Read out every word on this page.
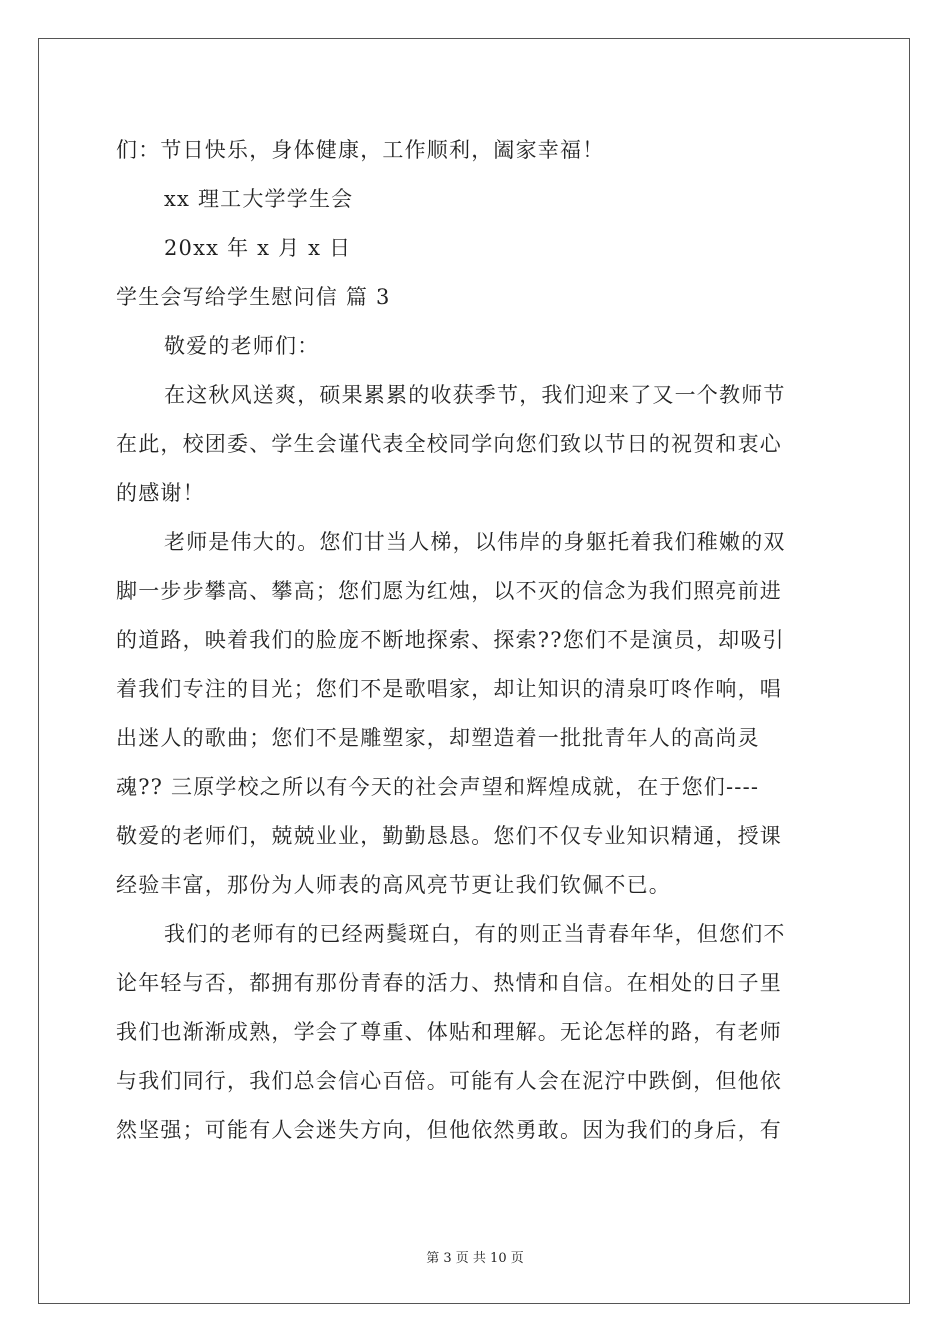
们：节日快乐，身体健康，工作顺利，阖家幸福！
xx 理工大学学生会
20xx 年 x 月 x 日
学生会写给学生慰问信 篇 3
敬爱的老师们：
在这秋风送爽，硕果累累的收获季节，我们迎来了又一个教师节
在此，校团委、学生会谨代表全校同学向您们致以节日的祝贺和衷心
的感谢！
老师是伟大的。您们甘当人梯，以伟岸的身躯托着我们稚嫩的双
脚一步步攀高、攀高；您们愿为红烛，以不灭的信念为我们照亮前进
的道路，映着我们的脸庞不断地探索、探索??您们不是演员，却吸引
着我们专注的目光；您们不是歌唱家，却让知识的清泉叮咚作响，唱
出迷人的歌曲；您们不是雕塑家，却塑造着一批批青年人的高尚灵
魂?? 三原学校之所以有今天的社会声望和辉煌成就，在于您们----
敬爱的老师们，兢兢业业，勤勤恳恳。您们不仅专业知识精通，授课
经验丰富，那份为人师表的高风亮节更让我们钦佩不已。
我们的老师有的已经两鬓斑白，有的则正当青春年华，但您们不
论年轻与否，都拥有那份青春的活力、热情和自信。在相处的日子里
我们也渐渐成熟，学会了尊重、体贴和理解。无论怎样的路，有老师
与我们同行，我们总会信心百倍。可能有人会在泥泞中跌倒，但他依
然坚强；可能有人会迷失方向，但他依然勇敢。因为我们的身后，有
第 3 页 共 10 页
